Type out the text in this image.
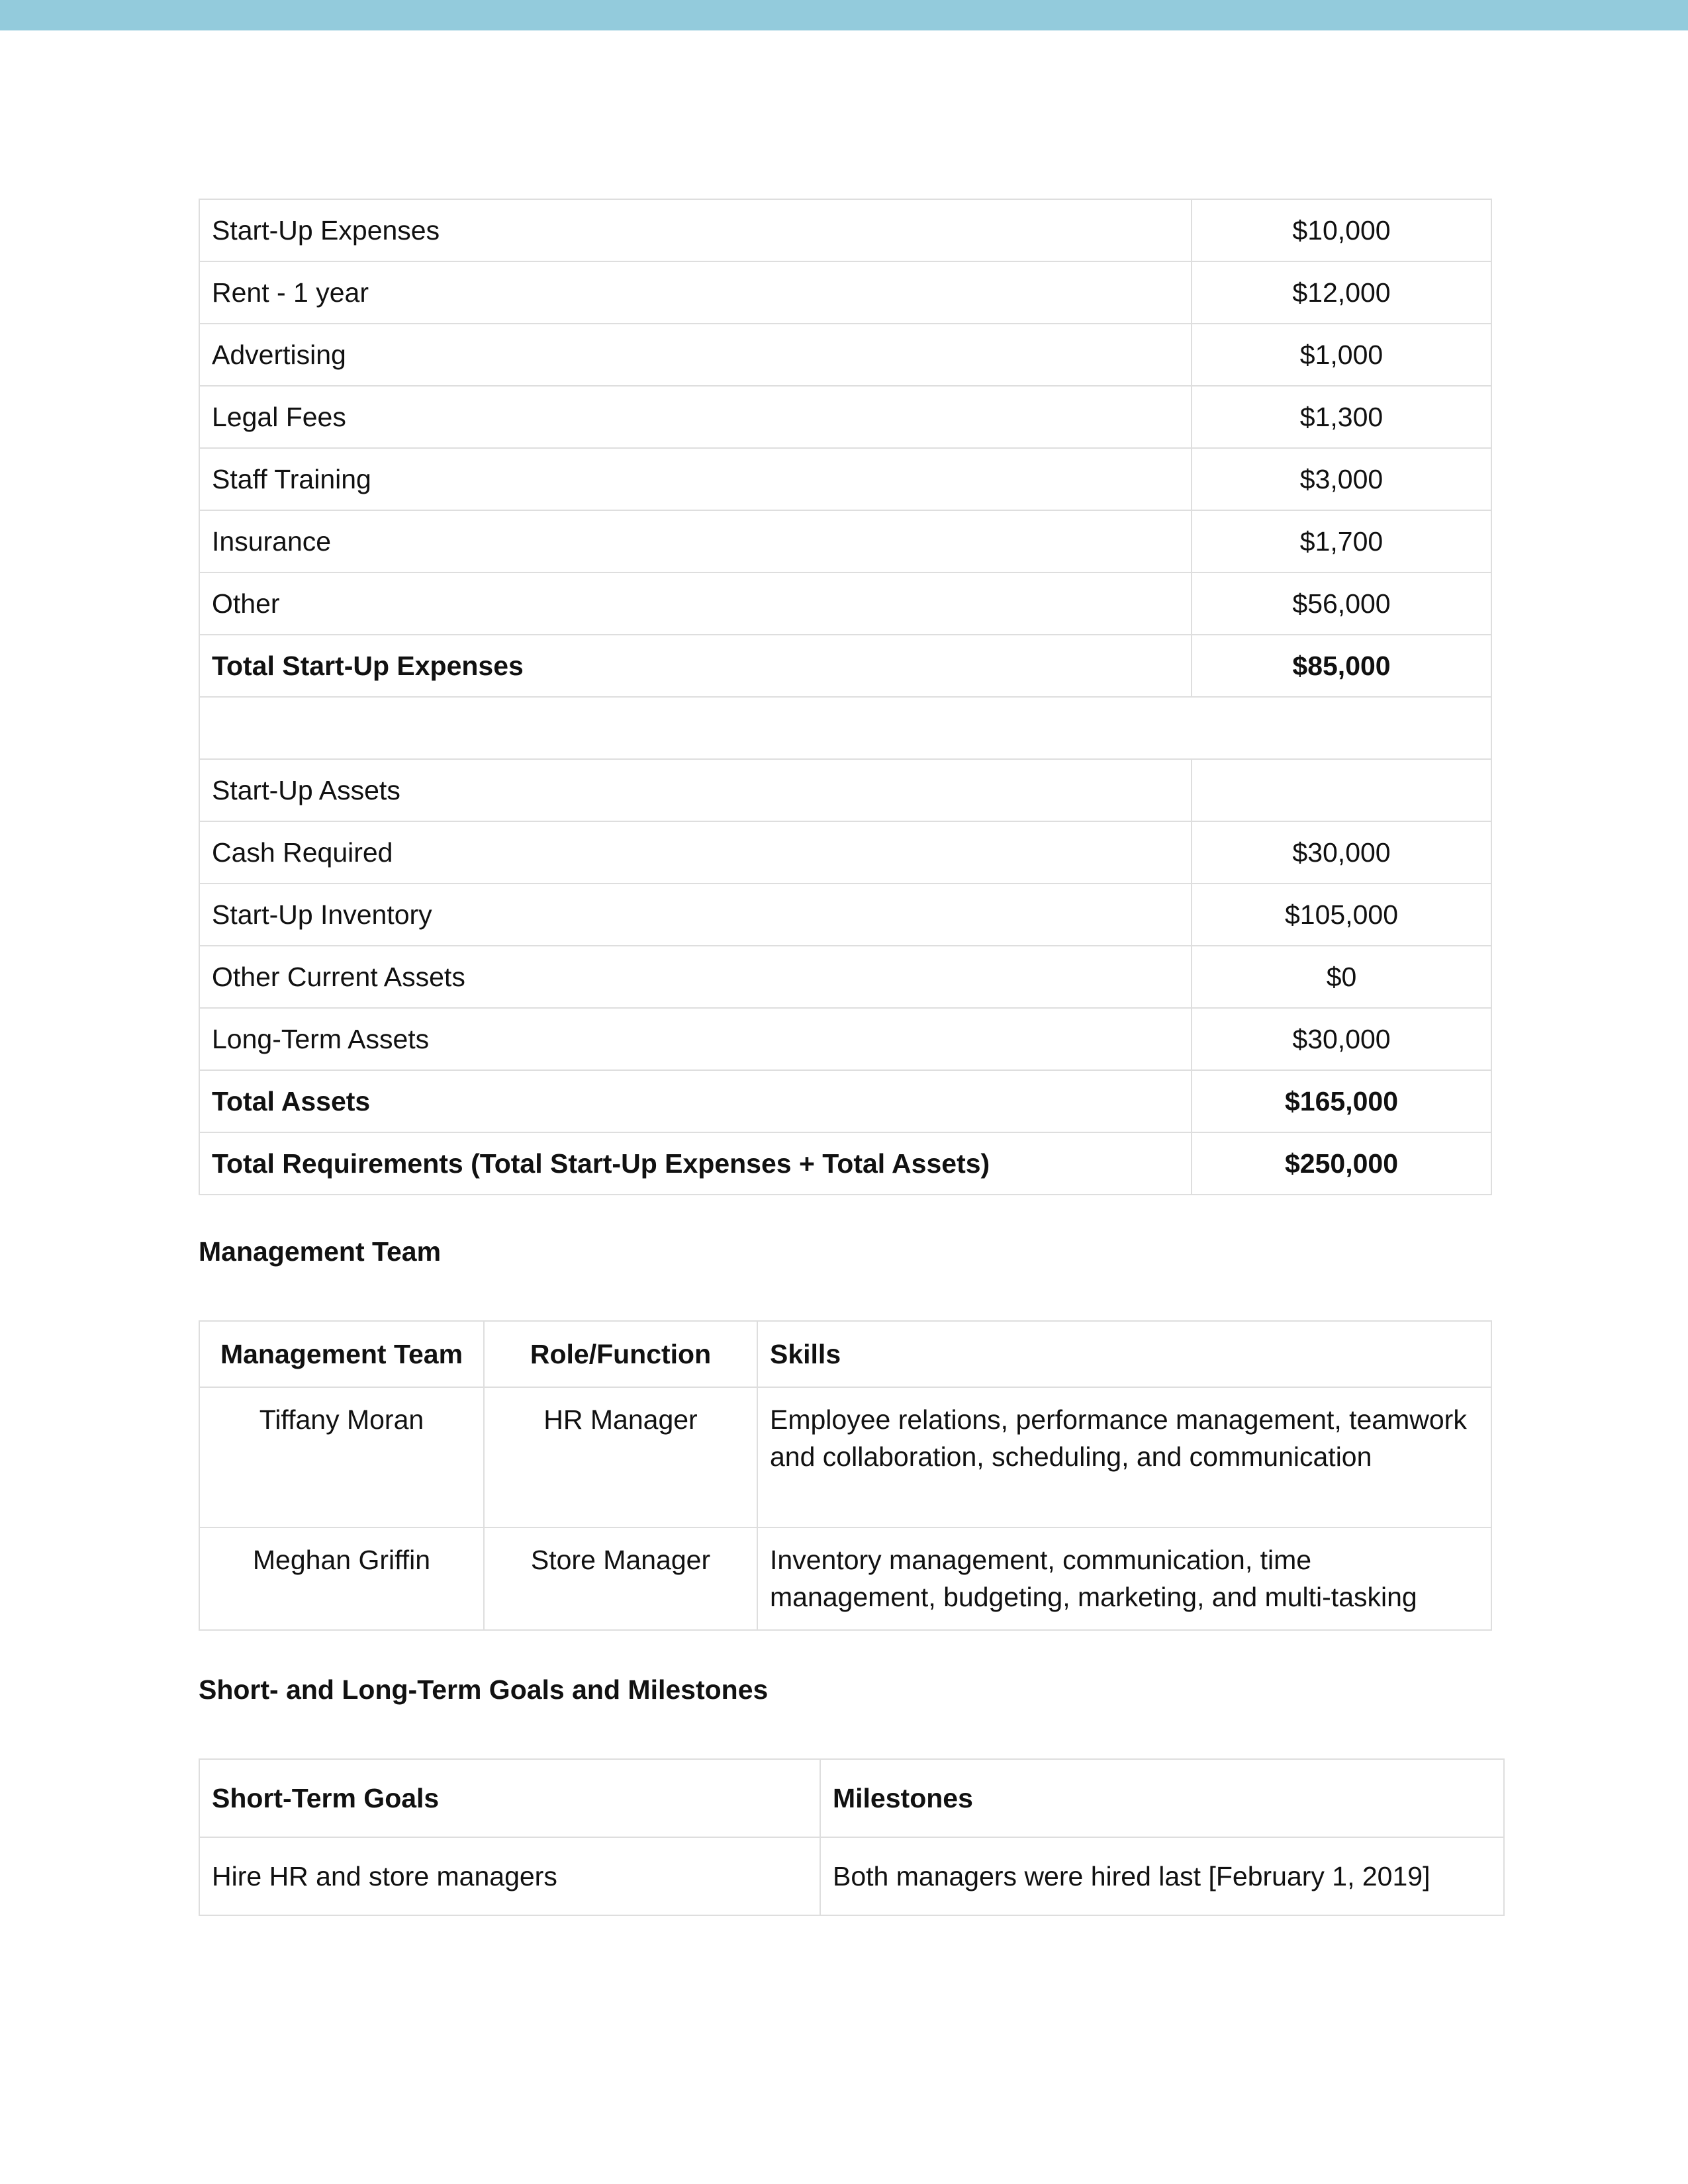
Start-Up Expenses	$10,000
Rent - 1 year	$12,000
Advertising	$1,000
Legal Fees	$1,300
Staff Training	$3,000
Insurance	$1,700
Other	$56,000
Total Start-Up Expenses	$85,000

Start-Up Assets	
Cash Required	$30,000
Start-Up Inventory	$105,000
Other Current Assets	$0
Long-Term Assets	$30,000
Total Assets	$165,000
Total Requirements (Total Start-Up Expenses + Total Assets)	$250,000

Management Team

Management Team	Role/Function	Skills
Tiffany Moran	HR Manager	Employee relations, performance management, teamwork and collaboration, scheduling, and communication
Meghan Griffin	Store Manager	Inventory management, communication, time management, budgeting, marketing, and multi-tasking

Short- and Long-Term Goals and Milestones

Short-Term Goals	Milestones
Hire HR and store managers	Both managers were hired last [February 1, 2019]
